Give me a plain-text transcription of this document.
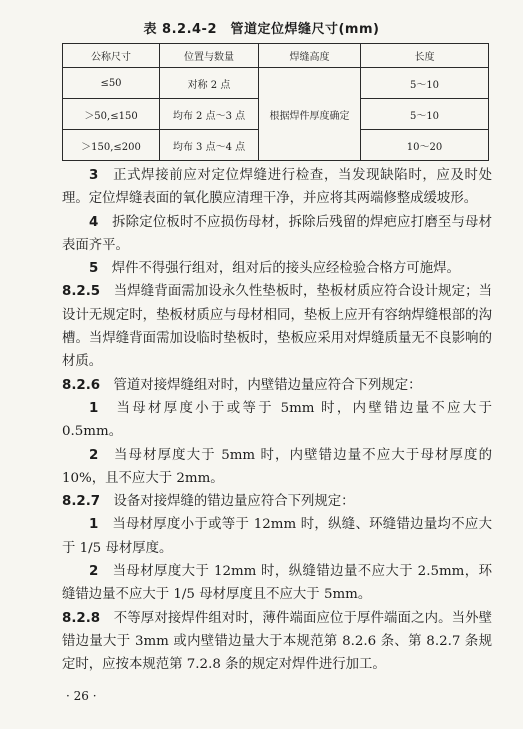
表 8.2.4-2　管道定位焊缝尺寸(mm)
公称尺寸	位置与数量	焊缝高度	长度
≤50	对称 2 点	根据焊件厚度确定	5～10
＞50,≤150	均布 2 点～3 点		5～10
＞150,≤200	均布 3 点～4 点		10～20

3　 正式焊接前应对定位焊缝进行检查，当发现缺陷时，应及时处理。定位焊缝表面的氧化膜应清理干净，并应将其两端修整成缓坡形。

4　 拆除定位板时不应损伤母材，拆除后残留的焊疤应打磨至与母材表面齐平。

5　 焊件不得强行组对，组对后的接头应经检验合格方可施焊。

8.2.5　 当焊缝背面需加设永久性垫板时，垫板材质应符合设计规定；当设计无规定时，垫板材质应与母材相同，垫板上应开有容纳焊缝根部的沟槽。当焊缝背面需加设临时垫板时，垫板应采用对焊缝质量无不良影响的材质。

8.2.6　 管道对接焊缝组对时，内壁错边量应符合下列规定：

1　 当母材厚度小于或等于 5mm 时，内壁错边量不应大于 0.5mm。

2　 当母材厚度大于 5mm 时，内壁错边量不应大于母材厚度的 10%，且不应大于 2mm。

8.2.7　 设备对接焊缝的错边量应符合下列规定：

1　 当母材厚度小于或等于 12mm 时，纵缝、环缝错边量均不应大于 1/5 母材厚度。

2　 当母材厚度大于 12mm 时，纵缝错边量不应大于 2.5mm，环缝错边量不应大于 1/5 母材厚度且不应大于 5mm。

8.2.8　 不等厚对接焊件组对时，薄件端面应位于厚件端面之内。当外壁错边量大于 3mm 或内壁错边量大于本规范第 8.2.6 条、第 8.2.7 条规定时，应按本规范第 7.2.8 条的规定对焊件进行加工。

· 26 ·
